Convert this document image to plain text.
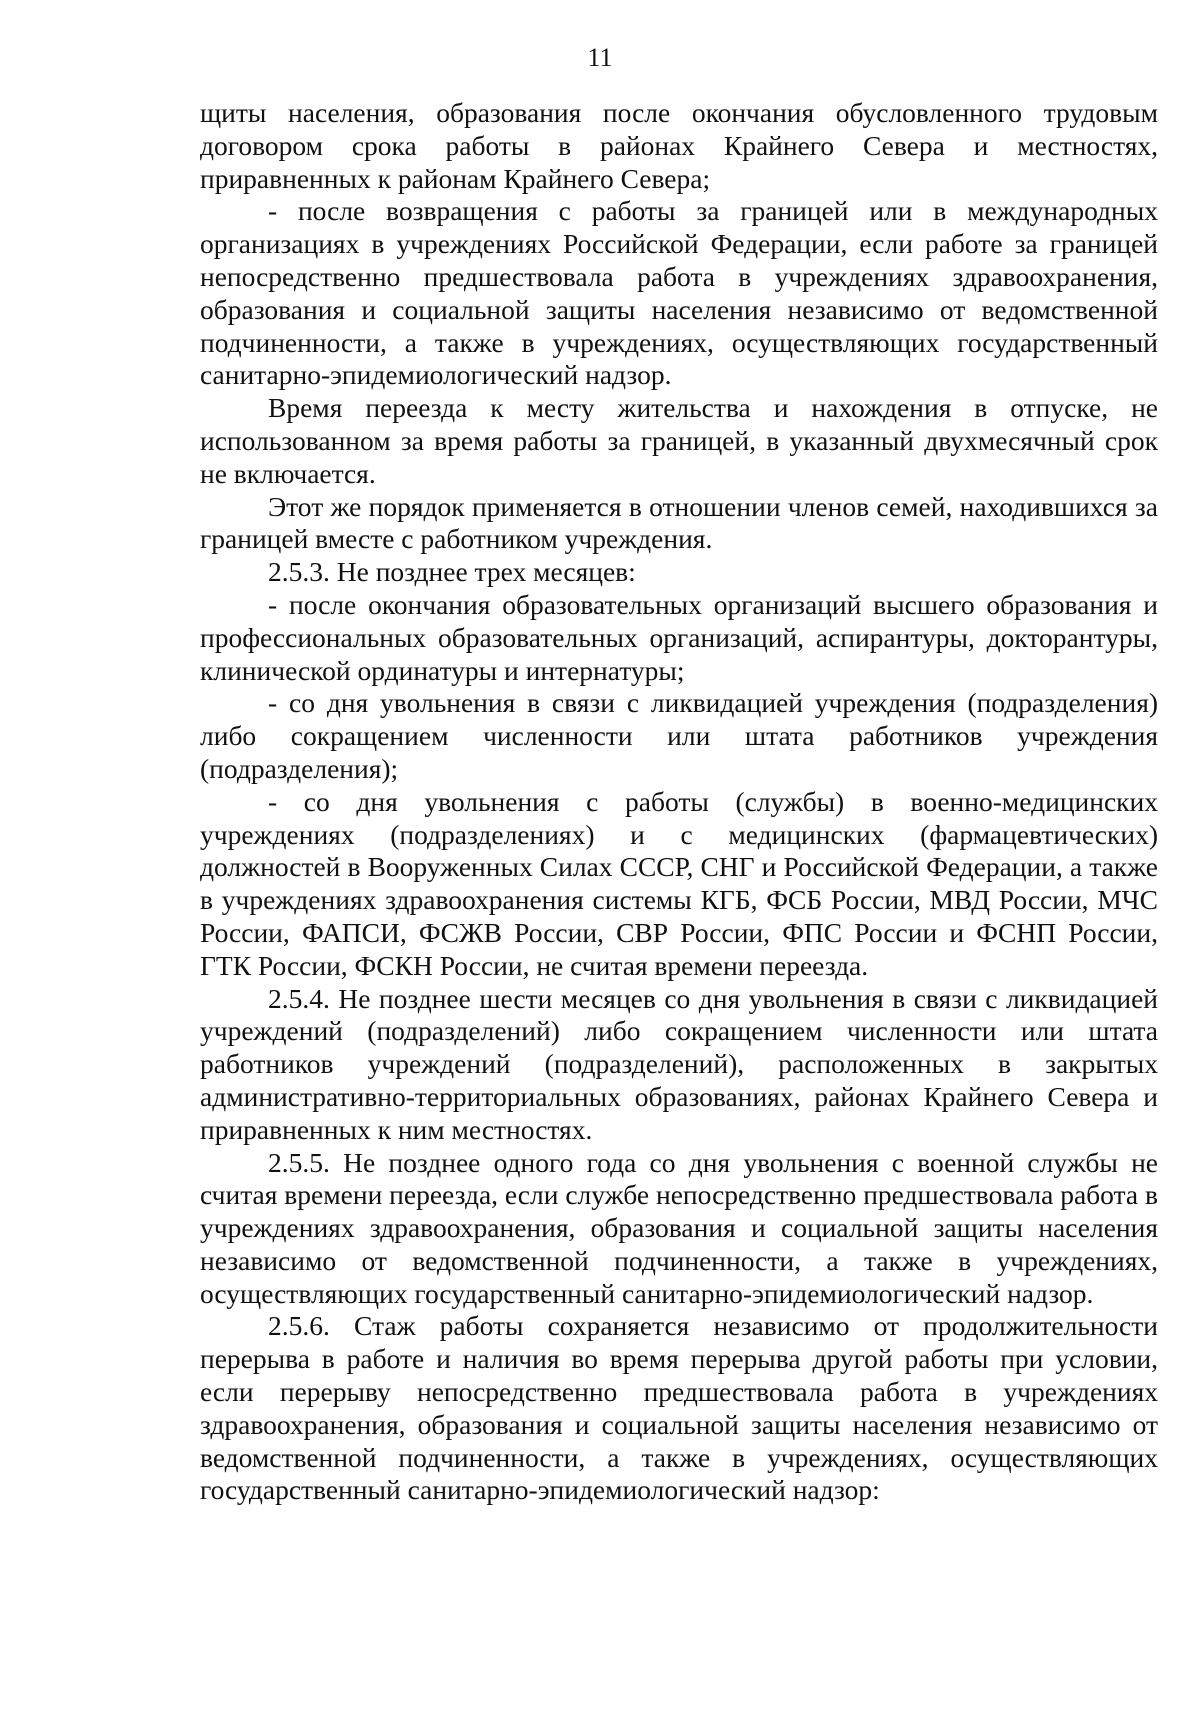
11

щиты населения, образования после окончания обусловленного трудовым договором срока работы в районах Крайнего Севера и местностях, приравненных к районам Крайнего Севера;

- после возвращения с работы за границей или в международных организациях в учреждениях Российской Федерации, если работе за границей непосредственно предшествовала работа в учреждениях здравоохранения, образования и социальной защиты населения независимо от ведомственной подчиненности, а также в учреждениях, осуществляющих государственный санитарно-эпидемиологический надзор.

Время переезда к месту жительства и нахождения в отпуске, не использованном за время работы за границей, в указанный двухмесячный срок не включается.

Этот же порядок применяется в отношении членов семей, находившихся за границей вместе с работником учреждения.

2.5.3. Не позднее трех месяцев:

- после окончания образовательных организаций высшего образования и профессиональных образовательных организаций, аспирантуры, докторантуры, клинической ординатуры и интернатуры;

- со дня увольнения в связи с ликвидацией учреждения (подразделения) либо сокращением численности или штата работников учреждения (подразделения);

- со дня увольнения с работы (службы) в военно-медицинских учреждениях (подразделениях) и с медицинских (фармацевтических) должностей в Вооруженных Силах СССР, СНГ и Российской Федерации, а также в учреждениях здравоохранения системы КГБ, ФСБ России, МВД России, МЧС России, ФАПСИ, ФСЖВ России, СВР России, ФПС России и ФСНП России, ГТК России, ФСКН России, не считая времени переезда.

2.5.4. Не позднее шести месяцев со дня увольнения в связи с ликвидацией учреждений (подразделений) либо сокращением численности или штата работников учреждений (подразделений), расположенных в закрытых административно-территориальных образованиях, районах Крайнего Севера и приравненных к ним местностях.

2.5.5. Не позднее одного года со дня увольнения с военной службы не считая времени переезда, если службе непосредственно предшествовала работа в учреждениях здравоохранения, образования и социальной защиты населения независимо от ведомственной подчиненности, а также в учреждениях, осуществляющих государственный санитарно-эпидемиологический надзор.

2.5.6. Стаж работы сохраняется независимо от продолжительности перерыва в работе и наличия во время перерыва другой работы при условии, если перерыву непосредственно предшествовала работа в учреждениях здравоохранения, образования и социальной защиты населения независимо от ведомственной подчиненности, а также в учреждениях, осуществляющих государственный санитарно-эпидемиологический надзор:
